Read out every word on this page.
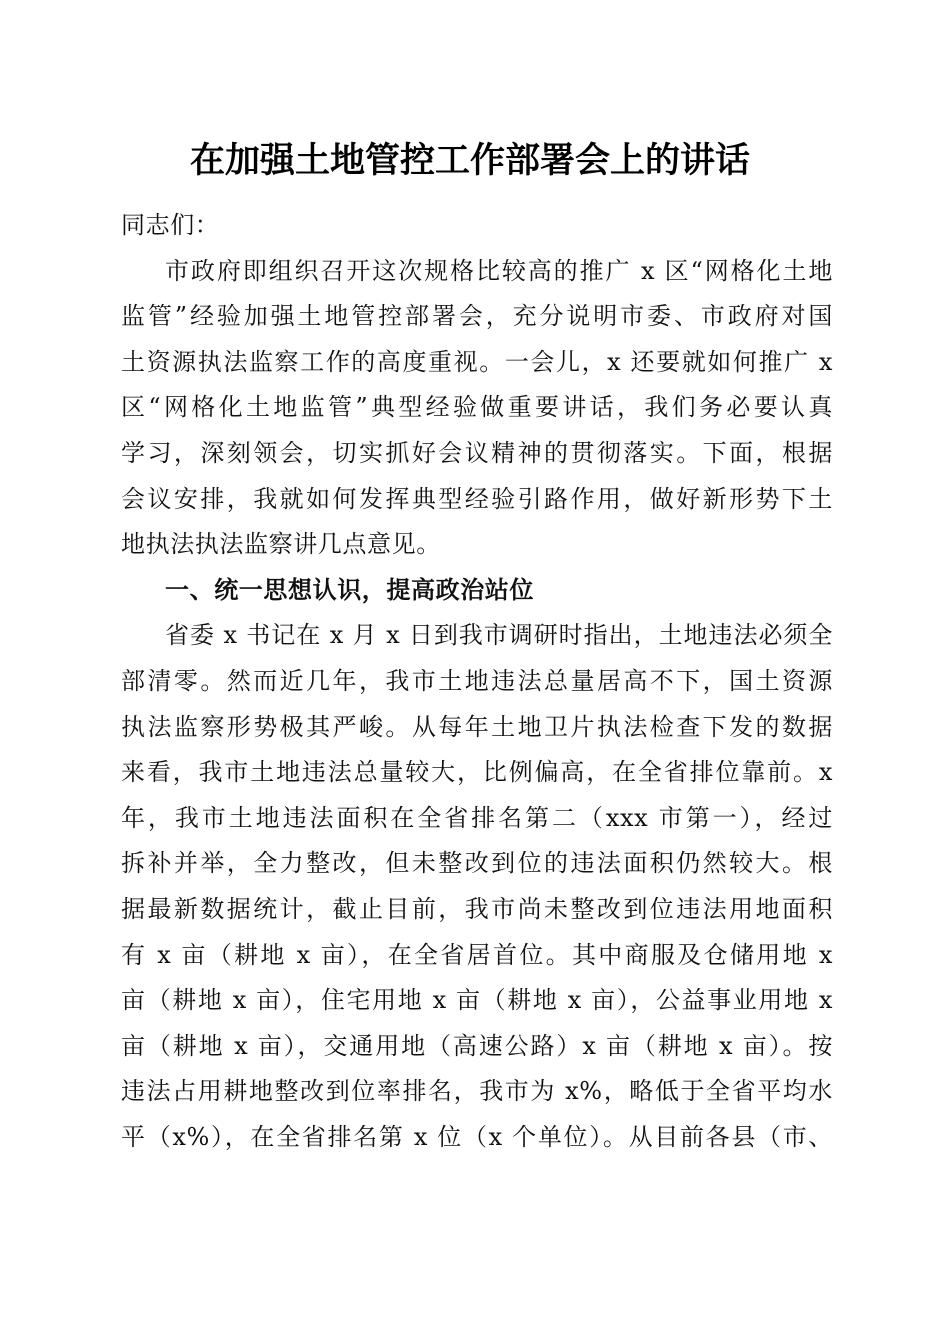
在加强土地管控工作部署会上的讲话
同志们：
市政府即组织召开这次规格比较高的推广 x 区“网格化土地
监管”经验加强土地管控部署会，充分说明市委、市政府对国
土资源执法监察工作的高度重视。一会儿，x 还要就如何推广 x
区“网格化土地监管”典型经验做重要讲话，我们务必要认真
学习，深刻领会，切实抓好会议精神的贯彻落实。下面，根据
会议安排，我就如何发挥典型经验引路作用，做好新形势下土
地执法执法监察讲几点意见。
一、统一思想认识，提高政治站位
省委 x 书记在 x 月 x 日到我市调研时指出，土地违法必须全
部清零。然而近几年，我市土地违法总量居高不下，国土资源
执法监察形势极其严峻。从每年土地卫片执法检查下发的数据
来看，我市土地违法总量较大，比例偏高，在全省排位靠前。x
年，我市土地违法面积在全省排名第二（xxx 市第一），经过
拆补并举，全力整改，但未整改到位的违法面积仍然较大。根
据最新数据统计，截止目前，我市尚未整改到位违法用地面积
有 x 亩（耕地 x 亩），在全省居首位。其中商服及仓储用地 x
亩（耕地 x 亩），住宅用地 x 亩（耕地 x 亩），公益事业用地 x
亩（耕地 x 亩），交通用地（高速公路）x 亩（耕地 x 亩）。按
违法占用耕地整改到位率排名，我市为 x%，略低于全省平均水
平（x%），在全省排名第 x 位（x 个单位）。从目前各县（市、
